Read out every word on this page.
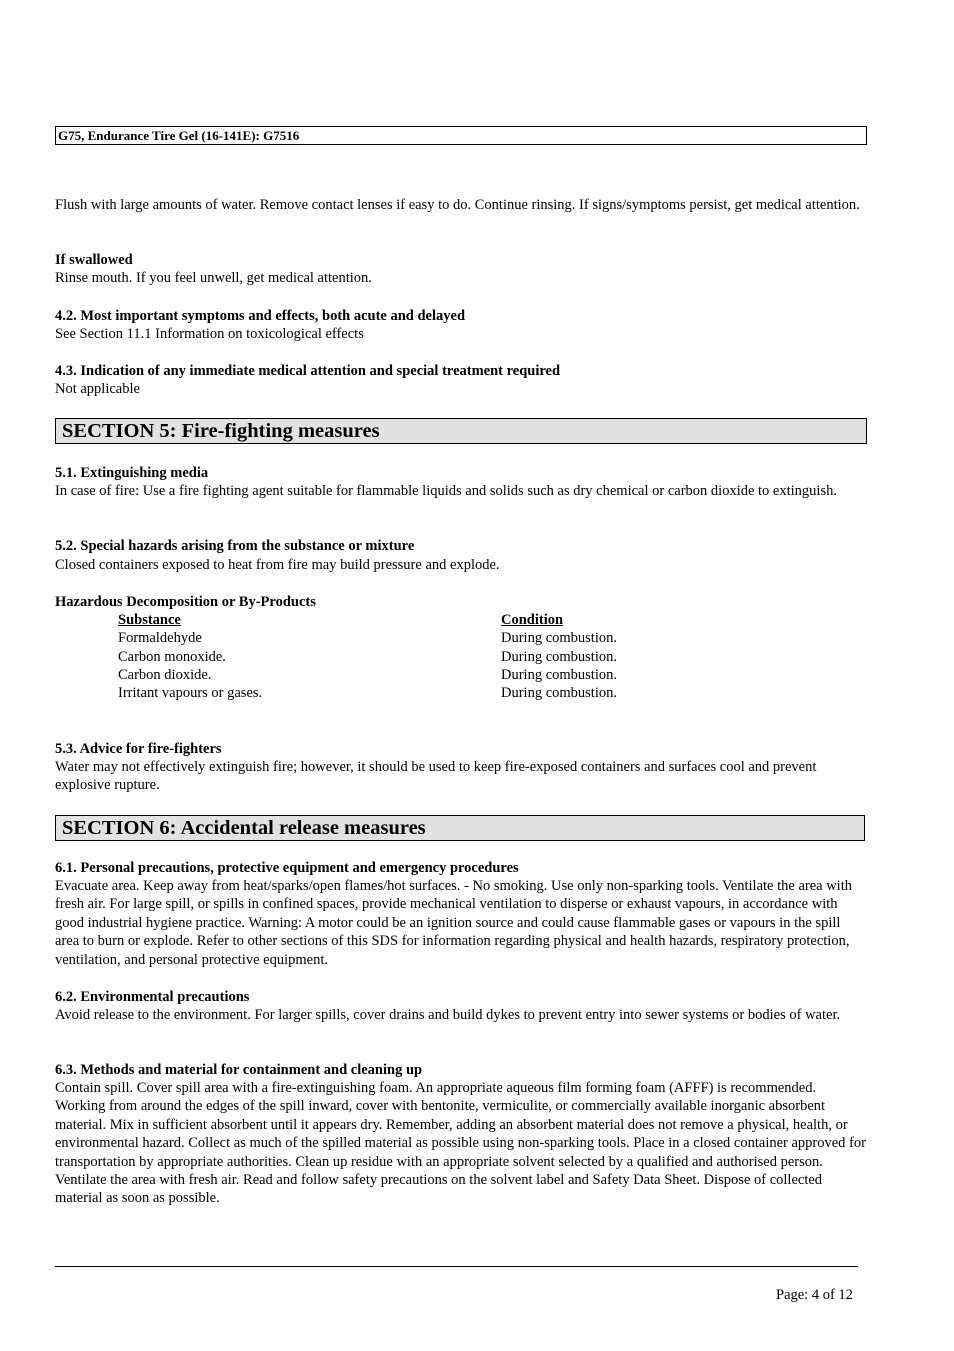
G75, Endurance Tire Gel (16-141E): G7516

Flush with large amounts of water. Remove contact lenses if easy to do. Continue rinsing. If signs/symptoms persist, get medical attention.

If swallowed

Rinse mouth. If you feel unwell, get medical attention.

4.2. Most important symptoms and effects, both acute and delayed

See Section 11.1 Information on toxicological effects

4.3. Indication of any immediate medical attention and special treatment required

Not applicable

SECTION 5: Fire-fighting measures
5.1. Extinguishing media

In case of fire: Use a fire fighting agent suitable for flammable liquids and solids such as dry chemical or carbon dioxide to extinguish.

5.2. Special hazards arising from the substance or mixture

Closed containers exposed to heat from fire may build pressure and explode.

Hazardous Decomposition or By-Products
Substance	Condition
Formaldehyde	During combustion.
Carbon monoxide.	During combustion.
Carbon dioxide.	During combustion.
Irritant vapours or gases.	During combustion.
5.3. Advice for fire-fighters

Water may not effectively extinguish fire; however, it should be used to keep fire-exposed containers and surfaces cool and prevent explosive rupture.

SECTION 6: Accidental release measures
6.1. Personal precautions, protective equipment and emergency procedures

Evacuate area. Keep away from heat/sparks/open flames/hot surfaces. - No smoking. Use only non-sparking tools. Ventilate the area with fresh air. For large spill, or spills in confined spaces, provide mechanical ventilation to disperse or exhaust vapours, in accordance with good industrial hygiene practice. Warning: A motor could be an ignition source and could cause flammable gases or vapours in the spill area to burn or explode. Refer to other sections of this SDS for information regarding physical and health hazards, respiratory protection, ventilation, and personal protective equipment.

6.2. Environmental precautions

Avoid release to the environment. For larger spills, cover drains and build dykes to prevent entry into sewer systems or bodies of water.

6.3. Methods and material for containment and cleaning up

Contain spill. Cover spill area with a fire-extinguishing foam. An appropriate aqueous film forming foam (AFFF) is recommended. Working from around the edges of the spill inward, cover with bentonite, vermiculite, or commercially available inorganic absorbent material. Mix in sufficient absorbent until it appears dry. Remember, adding an absorbent material does not remove a physical, health, or environmental hazard. Collect as much of the spilled material as possible using non-sparking tools. Place in a closed container approved for transportation by appropriate authorities. Clean up residue with an appropriate solvent selected by a qualified and authorised person. Ventilate the area with fresh air. Read and follow safety precautions on the solvent label and Safety Data Sheet. Dispose of collected material as soon as possible.

Page: 4 of 12
